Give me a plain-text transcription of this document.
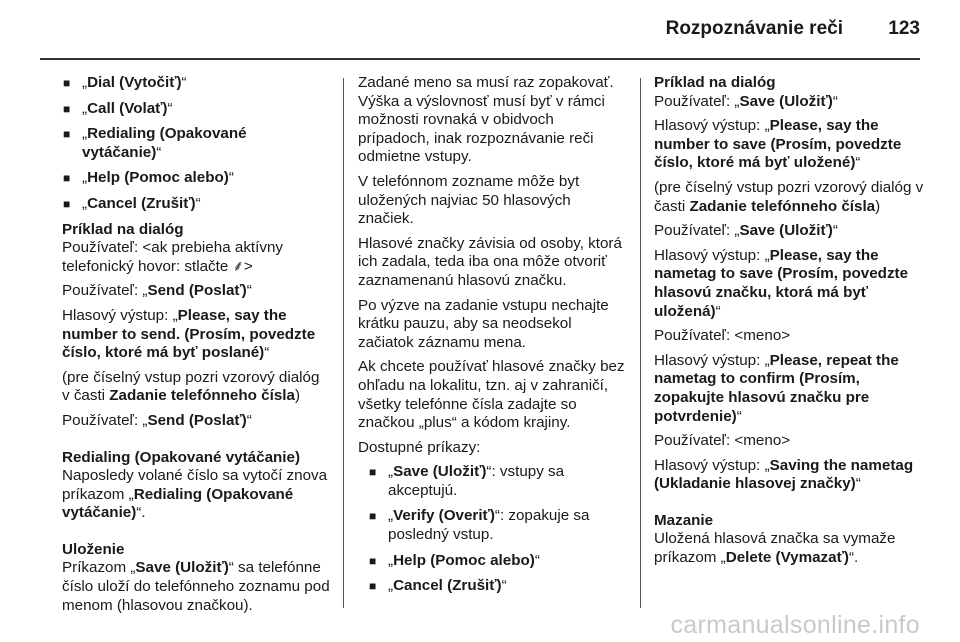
Rozpoznávanie reči 123
■ „Dial (Vytočiť)“
■ „Call (Volať)“
■ „Redialing (Opakované vytáčanie)“
■ „Help (Pomoc alebo)“
■ „Cancel (Zrušiť)“
Príklad na dialóg

Používateľ: <ak prebieha aktívny telefonický hovor: stlačte ⸙>

Používateľ: „Send (Poslať)“

Hlasový výstup: „Please, say the number to send. (Prosím, povedzte číslo, ktoré má byť poslané)“

(pre číselný vstup pozri vzorový dialóg v časti Zadanie telefónneho čísla)

Používateľ: „Send (Poslať)“

Redialing (Opakované vytáčanie)

Naposledy volané číslo sa vytočí znova príkazom „Redialing (Opakované vytáčanie)“.

Uloženie

Príkazom „Save (Uložiť)“ sa telefónne číslo uloží do telefónneho zoznamu pod menom (hlasovou značkou).

Zadané meno sa musí raz zopakovať. Výška a výslovnosť musí byť v rámci možnosti rovnaká v obidvoch prípadoch, inak rozpoznávanie reči odmietne vstupy.

V telefónnom zozname môže byt uložených najviac 50 hlasových značiek.

Hlasové značky závisia od osoby, ktorá ich zadala, teda iba ona môže otvoriť zaznamenanú hlasovú značku.

Po výzve na zadanie vstupu nechajte krátku pauzu, aby sa neodsekol začiatok záznamu mena.

Ak chcete používať hlasové značky bez ohľadu na lokalitu, tzn. aj v zahraničí, všetky telefónne čísla zadajte so značkou „plus“ a kódom krajiny.

Dostupné príkazy:

■ „Save (Uložiť)“: vstupy sa akceptujú.
■ „Verify (Overiť)“: zopakuje sa posledný vstup.
■ „Help (Pomoc alebo)“
■ „Cancel (Zrušiť)“
Príklad na dialóg

Používateľ: „Save (Uložiť)“

Hlasový výstup: „Please, say the number to save (Prosím, povedzte číslo, ktoré má byť uložené)“

(pre číselný vstup pozri vzorový dialóg v časti Zadanie telefónneho čísla)

Používateľ: „Save (Uložiť)“

Hlasový výstup: „Please, say the nametag to save (Prosím, povedzte hlasovú značku, ktorá má byť uložená)“

Používateľ: <meno>

Hlasový výstup: „Please, repeat the nametag to confirm (Prosím, zopakujte hlasovú značku pre potvrdenie)“

Používateľ: <meno>

Hlasový výstup: „Saving the nametag (Ukladanie hlasovej značky)“

Mazanie

Uložená hlasová značka sa vymaže príkazom „Delete (Vymazať)“.

carmanualsonline.info
